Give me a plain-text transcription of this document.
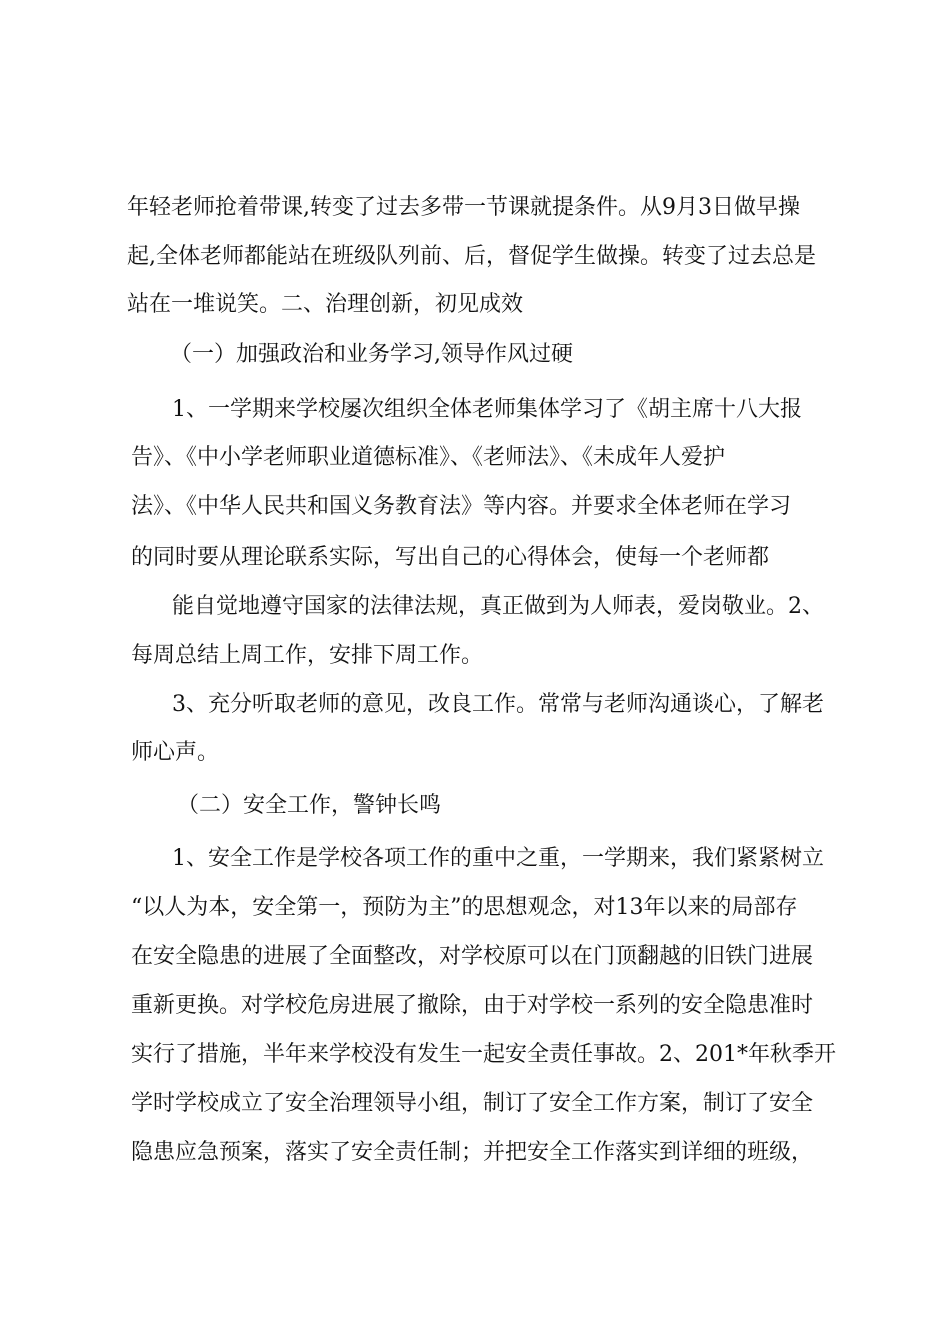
年轻老师抢着带课,转变了过去多带一节课就提条件。从9月3日做早操
起,全体老师都能站在班级队列前、后，督促学生做操。转变了过去总是
站在一堆说笑。二、治理创新，初见成效
（一）加强政治和业务学习,领导作风过硬
1、一学期来学校屡次组织全体老师集体学习了《胡主席十八大报
告》、《中小学老师职业道德标准》、《老师法》、《未成年人爱护
法》、《中华人民共和国义务教育法》等内容。并要求全体老师在学习
的同时要从理论联系实际，写出自己的心得体会，使每一个老师都
能自觉地遵守国家的法律法规，真正做到为人师表，爱岗敬业。2、
每周总结上周工作，安排下周工作。
3、充分听取老师的意见，改良工作。常常与老师沟通谈心，了解老
师心声。
（二）安全工作，警钟长鸣
1、安全工作是学校各项工作的重中之重，一学期来，我们紧紧树立
“以人为本，安全第一，预防为主”的思想观念，对13年以来的局部存
在安全隐患的进展了全面整改，对学校原可以在门顶翻越的旧铁门进展
重新更换。对学校危房进展了撤除，由于对学校一系列的安全隐患准时
实行了措施，半年来学校没有发生一起安全责任事故。2、201*年秋季开
学时学校成立了安全治理领导小组，制订了安全工作方案，制订了安全
隐患应急预案，落实了安全责任制；并把安全工作落实到详细的班级，
